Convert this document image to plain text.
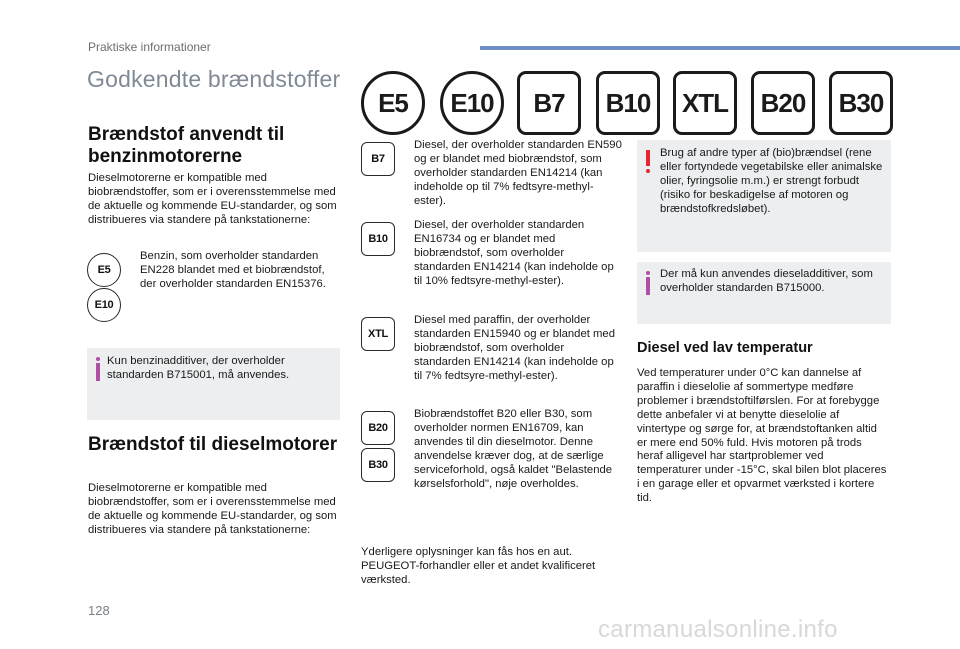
Praktiske informationer
Godkendte brændstoffer
E5	E10	B7	B10	XTL	B20	B30
Brændstof anvendt til benzinmotorerne
Dieselmotorerne er kompatible med biobrændstoffer, som er i overensstemmelse med de aktuelle og kommende EU-standarder, og som distribueres via standere på tankstationerne:
E5
E10
Benzin, som overholder standarden EN228 blandet med et biobrændstof, der overholder standarden EN15376.
Kun benzinadditiver, der overholder standarden B715001, må anvendes.
Brændstof til dieselmotorer
Dieselmotorerne er kompatible med biobrændstoffer, som er i overensstemmelse med de aktuelle og kommende EU-standarder, og som distribueres via standere på tankstationerne:
B7
Diesel, der overholder standarden EN590 og er blandet med biobrændstof, som overholder standarden EN14214 (kan indeholde op til 7% fedtsyre-methyl-ester).
B10
Diesel, der overholder standarden EN16734 og er blandet med biobrændstof, som overholder standarden EN14214 (kan indeholde op til 10% fedtsyre-methyl-ester).
XTL
Diesel med paraffin, der overholder standarden EN15940 og er blandet med biobrændstof, som overholder standarden EN14214 (kan indeholde op til 7% fedtsyre-methyl-ester).
B20
B30
Biobrændstoffet B20 eller B30, som overholder normen EN16709, kan anvendes til din dieselmotor. Denne anvendelse kræver dog, at de særlige serviceforhold, også kaldet "Belastende kørselsforhold", nøje overholdes.
Yderligere oplysninger kan fås hos en aut. PEUGEOT-forhandler eller et andet kvalificeret værksted.
Brug af andre typer af (bio)brændsel (rene eller fortyndede vegetabilske eller animalske olier, fyringsolie m.m.) er strengt forbudt (risiko for beskadigelse af motoren og brændstofkredsløbet).
Der må kun anvendes dieseladditiver, som overholder standarden B715000.
Diesel ved lav temperatur
Ved temperaturer under 0°C kan dannelse af paraffin i dieselolie af sommertype medføre problemer i brændstoftilførslen. For at forebygge dette anbefaler vi at benytte dieselolie af vintertype og sørge for, at brændstoftanken altid er mere end 50% fuld. Hvis motoren på trods heraf alligevel har startproblemer ved temperaturer under -15°C, skal bilen blot placeres i en garage eller et opvarmet værksted i kortere tid.
128
carmanualsonline.info
